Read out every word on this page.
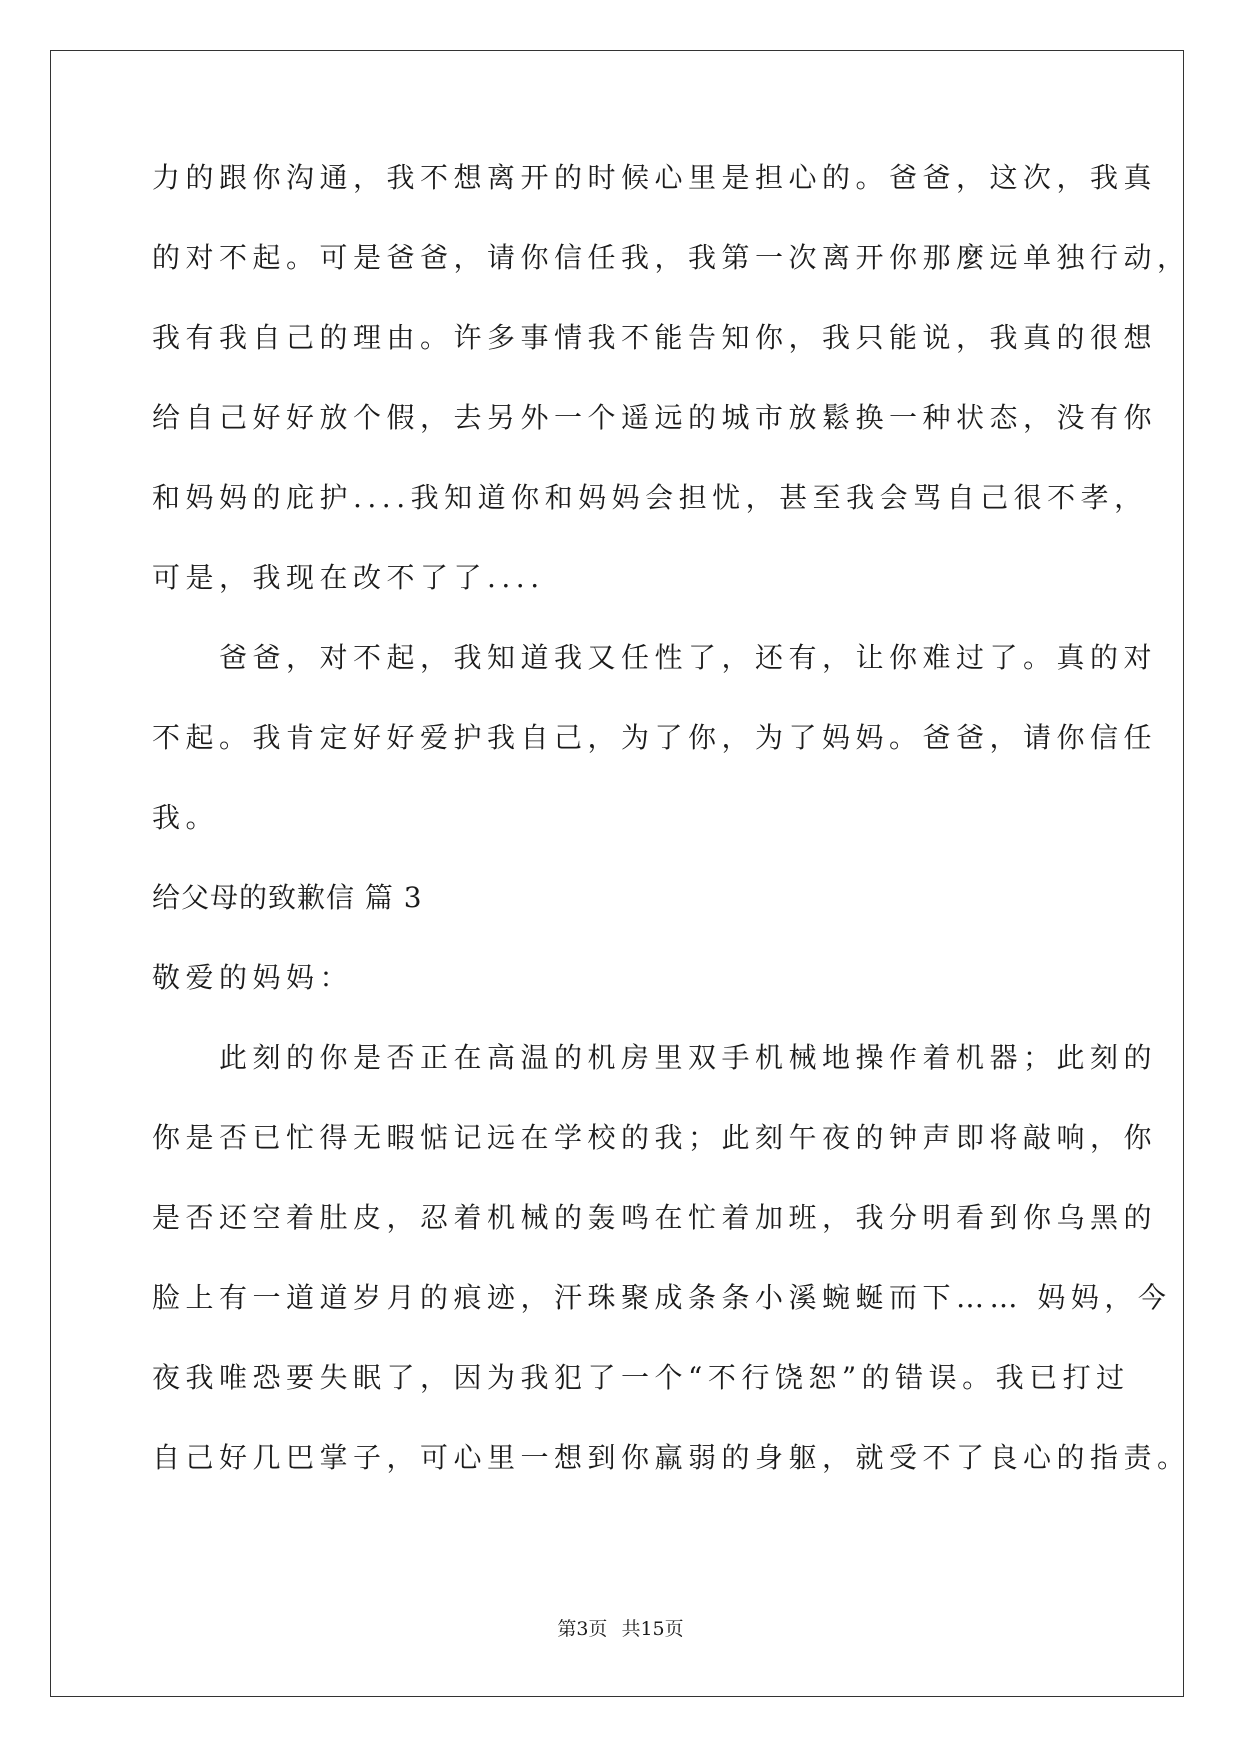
力的跟你沟通，我不想离开的时候心里是担心的。爸爸，这次，我真
的对不起。可是爸爸，请你信任我，我第一次离开你那麼远单独行动，
我有我自己的理由。许多事情我不能告知你，我只能说，我真的很想
给自己好好放个假，去另外一个遥远的城市放鬆换一种状态，没有你
和妈妈的庇护....我知道你和妈妈会担忧，甚至我会骂自己很不孝，
可是，我现在改不了了....
　　爸爸，对不起，我知道我又任性了，还有，让你难过了。真的对
不起。我肯定好好爱护我自己，为了你，为了妈妈。爸爸，请你信任
我。
给父母的致歉信 篇 3
敬爱的妈妈：
　　此刻的你是否正在高温的机房里双手机械地操作着机器；此刻的
你是否已忙得无暇惦记远在学校的我；此刻午夜的钟声即将敲响，你
是否还空着肚皮，忍着机械的轰鸣在忙着加班，我分明看到你乌黑的
脸上有一道道岁月的痕迹，汗珠聚成条条小溪蜿蜒而下…… 妈妈，今
夜我唯恐要失眠了，因为我犯了一个“不行饶恕”的错误。我已打过
自己好几巴掌子，可心里一想到你羸弱的身躯，就受不了良心的指责。
第3页 共15页
